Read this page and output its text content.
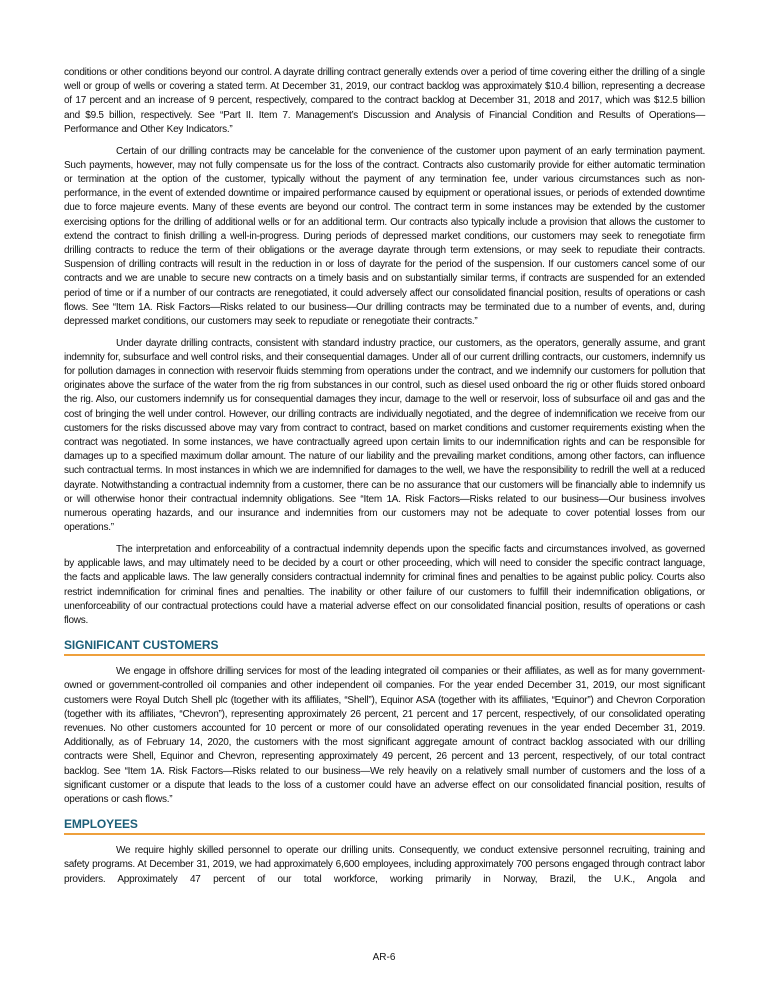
conditions or other conditions beyond our control. A dayrate drilling contract generally extends over a period of time covering either the drilling of a single well or group of wells or covering a stated term. At December 31, 2019, our contract backlog was approximately $10.4 billion, representing a decrease of 17 percent and an increase of 9 percent, respectively, compared to the contract backlog at December 31, 2018 and 2017, which was $12.5 billion and $9.5 billion, respectively. See “Part II. Item 7. Management’s Discussion and Analysis of Financial Condition and Results of Operations—Performance and Other Key Indicators.”

Certain of our drilling contracts may be cancelable for the convenience of the customer upon payment of an early termination payment. Such payments, however, may not fully compensate us for the loss of the contract. Contracts also customarily provide for either automatic termination or termination at the option of the customer, typically without the payment of any termination fee, under various circumstances such as non-performance, in the event of extended downtime or impaired performance caused by equipment or operational issues, or periods of extended downtime due to force majeure events. Many of these events are beyond our control. The contract term in some instances may be extended by the customer exercising options for the drilling of additional wells or for an additional term. Our contracts also typically include a provision that allows the customer to extend the contract to finish drilling a well-in-progress. During periods of depressed market conditions, our customers may seek to renegotiate firm drilling contracts to reduce the term of their obligations or the average dayrate through term extensions, or may seek to repudiate their contracts. Suspension of drilling contracts will result in the reduction in or loss of dayrate for the period of the suspension. If our customers cancel some of our contracts and we are unable to secure new contracts on a timely basis and on substantially similar terms, if contracts are suspended for an extended period of time or if a number of our contracts are renegotiated, it could adversely affect our consolidated financial position, results of operations or cash flows. See “Item 1A. Risk Factors—Risks related to our business—Our drilling contracts may be terminated due to a number of events, and, during depressed market conditions, our customers may seek to repudiate or renegotiate their contracts.”

Under dayrate drilling contracts, consistent with standard industry practice, our customers, as the operators, generally assume, and grant indemnity for, subsurface and well control risks, and their consequential damages. Under all of our current drilling contracts, our customers, indemnify us for pollution damages in connection with reservoir fluids stemming from operations under the contract, and we indemnify our customers for pollution that originates above the surface of the water from the rig from substances in our control, such as diesel used onboard the rig or other fluids stored onboard the rig. Also, our customers indemnify us for consequential damages they incur, damage to the well or reservoir, loss of subsurface oil and gas and the cost of bringing the well under control. However, our drilling contracts are individually negotiated, and the degree of indemnification we receive from our customers for the risks discussed above may vary from contract to contract, based on market conditions and customer requirements existing when the contract was negotiated. In some instances, we have contractually agreed upon certain limits to our indemnification rights and can be responsible for damages up to a specified maximum dollar amount. The nature of our liability and the prevailing market conditions, among other factors, can influence such contractual terms. In most instances in which we are indemnified for damages to the well, we have the responsibility to redrill the well at a reduced dayrate. Notwithstanding a contractual indemnity from a customer, there can be no assurance that our customers will be financially able to indemnify us or will otherwise honor their contractual indemnity obligations. See “Item 1A. Risk Factors—Risks related to our business—Our business involves numerous operating hazards, and our insurance and indemnities from our customers may not be adequate to cover potential losses from our operations.”

The interpretation and enforceability of a contractual indemnity depends upon the specific facts and circumstances involved, as governed by applicable laws, and may ultimately need to be decided by a court or other proceeding, which will need to consider the specific contract language, the facts and applicable laws. The law generally considers contractual indemnity for criminal fines and penalties to be against public policy. Courts also restrict indemnification for criminal fines and penalties. The inability or other failure of our customers to fulfill their indemnification obligations, or unenforceability of our contractual protections could have a material adverse effect on our consolidated financial position, results of operations or cash flows.

SIGNIFICANT CUSTOMERS

We engage in offshore drilling services for most of the leading integrated oil companies or their affiliates, as well as for many government-owned or government-controlled oil companies and other independent oil companies. For the year ended December 31, 2019, our most significant customers were Royal Dutch Shell plc (together with its affiliates, “Shell”), Equinor ASA (together with its affiliates, “Equinor”) and Chevron Corporation (together with its affiliates, “Chevron”), representing approximately 26 percent, 21 percent and 17 percent, respectively, of our consolidated operating revenues. No other customers accounted for 10 percent or more of our consolidated operating revenues in the year ended December 31, 2019. Additionally, as of February 14, 2020, the customers with the most significant aggregate amount of contract backlog associated with our drilling contracts were Shell, Equinor and Chevron, representing approximately 49 percent, 26 percent and 13 percent, respectively, of our total contract backlog. See “Item 1A. Risk Factors—Risks related to our business—We rely heavily on a relatively small number of customers and the loss of a significant customer or a dispute that leads to the loss of a customer could have an adverse effect on our consolidated financial position, results of operations or cash flows.”

EMPLOYEES

We require highly skilled personnel to operate our drilling units. Consequently, we conduct extensive personnel recruiting, training and safety programs. At December 31, 2019, we had approximately 6,600 employees, including approximately 700 persons engaged through contract labor providers. Approximately 47 percent of our total workforce, working primarily in Norway, Brazil, the U.K., Angola and

AR-6
